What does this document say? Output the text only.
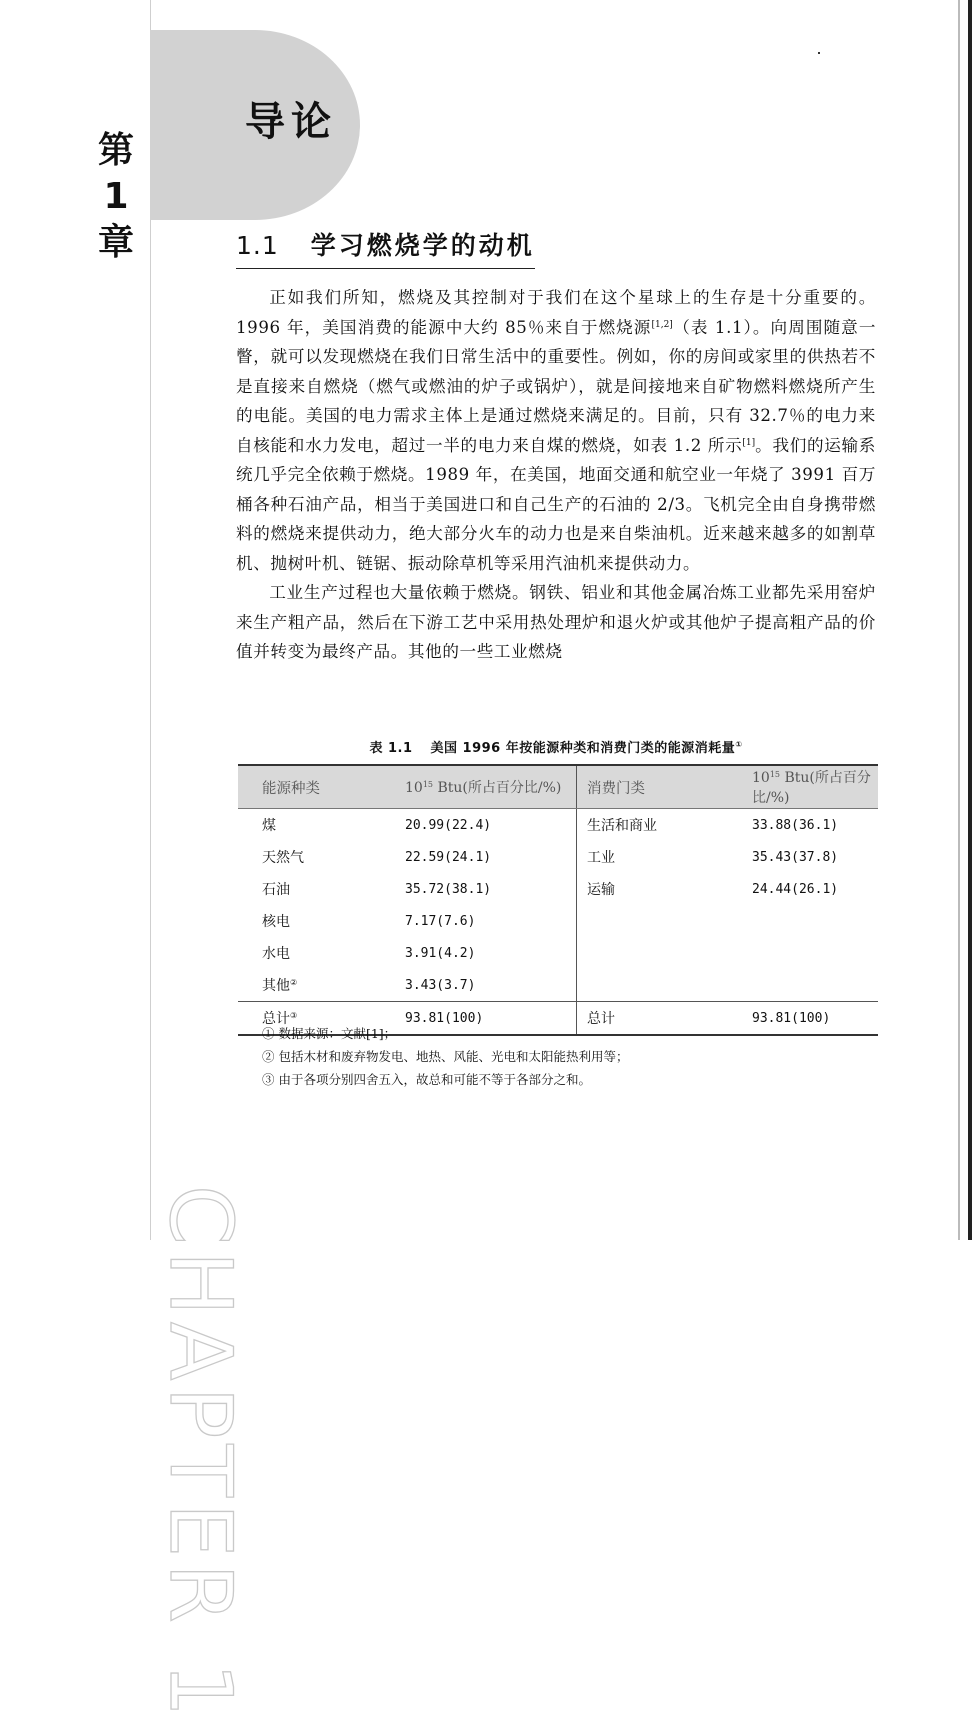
第
1
章
CHAPTER 1
导论
1.1 学习燃烧学的动机

正如我们所知，燃烧及其控制对于我们在这个星球上的生存是十分重要的。1996 年，美国消费的能源中大约 85％来自于燃烧源[1,2]（表 1.1）。向周围随意一瞥，就可以发现燃烧在我们日常生活中的重要性。例如，你的房间或家里的供热若不是直接来自燃烧（燃气或燃油的炉子或锅炉），就是间接地来自矿物燃料燃烧所产生的电能。美国的电力需求主体上是通过燃烧来满足的。目前，只有 32.7％的电力来自核能和水力发电，超过一半的电力来自煤的燃烧，如表 1.2 所示[1]。我们的运输系统几乎完全依赖于燃烧。1989 年，在美国，地面交通和航空业一年烧了 3991 百万桶各种石油产品，相当于美国进口和自己生产的石油的 2/3。飞机完全由自身携带燃料的燃烧来提供动力，绝大部分火车的动力也是来自柴油机。近来越来越多的如割草机、抛树叶机、链锯、振动除草机等采用汽油机来提供动力。

工业生产过程也大量依赖于燃烧。钢铁、铝业和其他金属冶炼工业都先采用窑炉来生产粗产品，然后在下游工艺中采用热处理炉和退火炉或其他炉子提高粗产品的价值并转变为最终产品。其他的一些工业燃烧

表 1.1 美国 1996 年按能源种类和消费门类的能源消耗量①
能源种类	$10^{15}$ Btu(所占百分比/%)	消费门类	$10^{15}$ Btu(所占百分比/%)
煤	20.99(22.4)	生活和商业	33.88(36.1)
天然气	22.59(24.1)	工业	35.43(37.8)
石油	35.72(38.1)	运输	24.44(26.1)
核电	7.17(7.6)		
水电	3.91(4.2)		
其他②	3.43(3.7)		
总计③	93.81(100)	总计	93.81(100)
① 数据来源：文献[1]；
② 包括木材和废弃物发电、地热、风能、光电和太阳能热利用等；
③ 由于各项分别四舍五入，故总和可能不等于各部分之和。
